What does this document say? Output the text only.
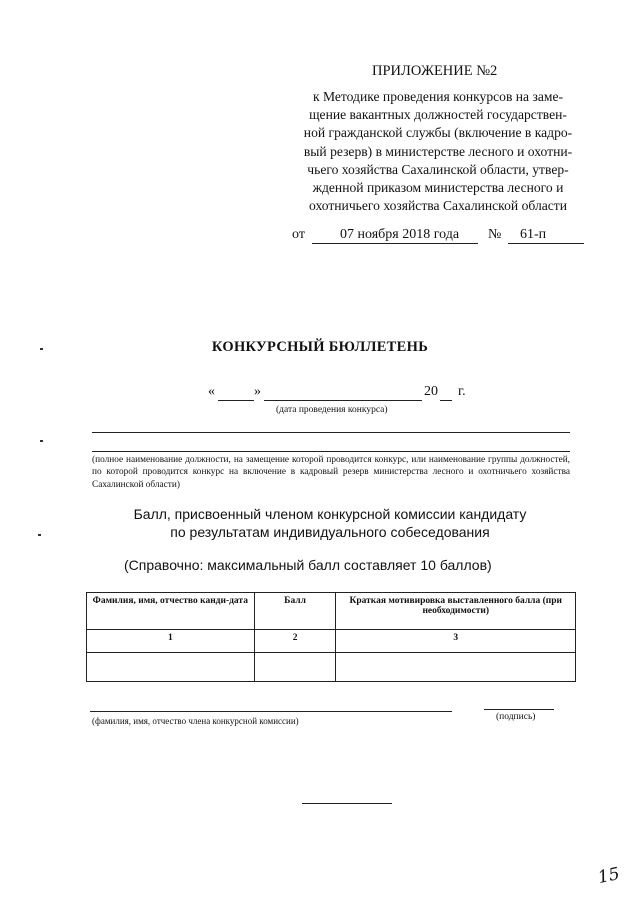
ПРИЛОЖЕНИЕ №2
к Методике проведения конкурсов на заме-
щение вакантных должностей государствен-
ной гражданской службы (включение в кадро-
вый резерв) в министерстве лесного и охотни-
чьего хозяйства Сахалинской области, утвер-
жденной приказом министерства лесного и
охотничьего хозяйства Сахалинской области
от	07 ноября 2018 года № 61-п
КОНКУРСНЫЙ БЮЛЛЕТЕНЬ
«	»	20 г.
(дата проведения конкурса)
(полное наименование должности, на замещение которой проводится конкурс, или наименование группы должностей, по которой проводится конкурс на включение в кадровый резерв министерства лесного и охотничьего хозяйства Сахалинской области)
Балл, присвоенный членом конкурсной комиссии кандидату
по результатам индивидуального собеседования
(Справочно: максимальный балл составляет 10 баллов)
Фамилия, имя, отчество канди-дата	Балл	Краткая мотивировка выставленного балла (при необходимости)
1	2	3

(фамилия, имя, отчество члена конкурсной комиссии)	(подпись)
15
